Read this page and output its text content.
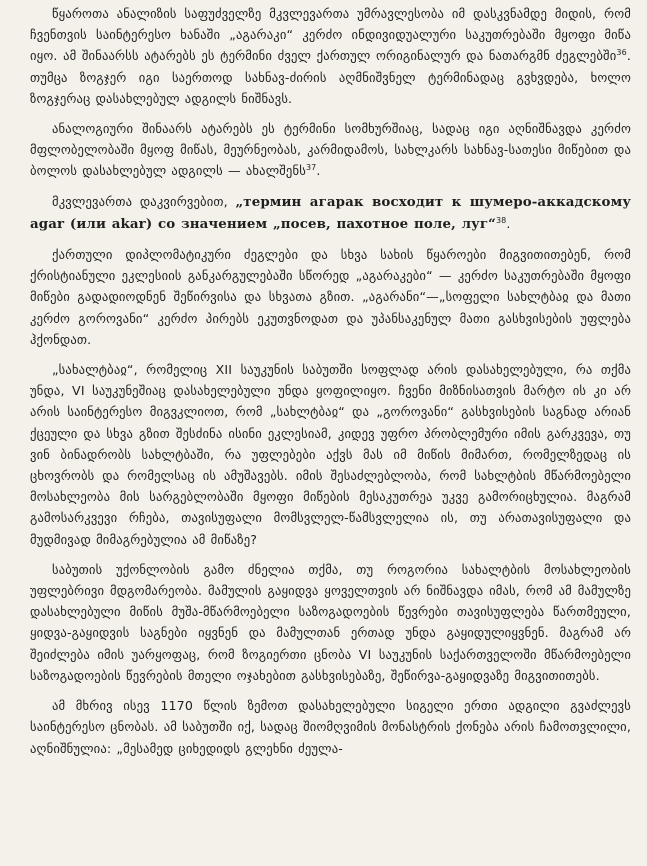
წყაროთა ანალიზის საფუძველზე მკვლევართა უმრავლესობა იმ დასკვნამდე მიდის, რომ ჩვენთვის საინტერესო ხანაში „აგარაკი“ კერძო ინდივიდუალური საკუთრებაში მყოფი მიწა იყო. ამ შინაარსს ატარებს ეს ტერმინი ძველ ქართულ ორიგინალურ და ნათარგმნ ძეგლებში$^{36}$. თუმცა ზოგჯერ იგი საერთოდ სახნავ-ძირის აღმნიშვნელ ტერმინადაც გვხვდება, ხოლო ზოგჯერაც დასახლებულ ადგილს ნიშნავს.

ანალოგიური შინაარს ატარებს ეს ტერმინი სომხურშიაც, სადაც იგი აღნიშნავდა კერძო მფლობელობაში მყოფ მიწას, მეურნეობას, კარმიდამოს, სახლკარს სახნავ-სათესი მიწებით და ბოლოს დასახლებულ ადგილს — ახალშენს$^{37}$.

მკვლევართა დაკვირვებით, „термин агарак восходит к шумеро-аккадскому agar (или akar) со значением „посев, пахотное поле, луг“$^{38}$.

ქართული დიპლომატიკური ძეგლები და სხვა სახის წყაროები მიგვითითებენ, რომ ქრისტიანული ეკლესიის განკარგულებაში სწორედ „აგარაკები“ — კერძო საკუთრებაში მყოფი მიწები გადადიოდნენ შეწირვისა და სხვათა გზით. „აგარანი“—„სოფელი სახლტბაჲ და მათი კერძო გოროვანი“ კერძო პირებს ეკუთვნოდათ და უპანსაკენულ მათი გასხვისების უფლება ჰქონდათ.

„სახალტბაჲ“, რომელიც XII საუკუნის საბუთში სოფლად არის დასახელებული, რა თქმა უნდა, VI საუკუნეშიაც დასახელებული უნდა ყოფილიყო. ჩვენი მიზნისათვის მარტო ის კი არ არის საინტერესო მიგვკლიოთ, რომ „სახლტბაჲ“ და „გოროვანი“ გასხვისების საგნად არიან ქცეული და სხვა გზით შესძინა ისინი ეკლესიამ, კიდევ უფრო პრობლემური იმის გარკვევა, თუ ვინ ბინადრობს სახლტბაში, რა უფლებები აქვს მას იმ მიწის მიმართ, რომელზედაც ის ცხოვრობს და რომელსაც ის ამუშავებს. იმის შესაძლებლობა, რომ სახლტბის მწარმოებელი მოსახლეობა მის სარგებლობაში მყოფი მიწების მესაკუთრეა უკვე გამორიცხულია. მაგრამ გამოსარკვევი რჩება, თავისუფალი მომსვლელ-წამსვლელია ის, თუ არათავისუფალი და მუდმივად მიმაგრებულია ამ მიწაზე?

საბუთის უქონლობის გამო ძნელია თქმა, თუ როგორია სახალტბის მოსახლეობის უფლებრივი მდგომარეობა. მამულის გაყიდვა ყოველთვის არ ნიშნავდა იმას, რომ ამ მამულზე დასახლებული მიწის მუშა-მწარმოებელი საზოგადოების წევრები თავისუფლება წართმეული, ყიდვა-გაყიდვის საგნები იყვნენ და მამულთან ერთად უნდა გაყიდულიყვნენ. მაგრამ არ შეიძლება იმის უარყოფაც, რომ ზოგიერთი ცნობა VI საუკუნის საქართველოში მწარმოებელი საზოგადოების წევრების მთელი ოჯახებით გასხვისებაზე, შეწირვა-გაყიდვაზე მიგვითითებს.

ამ მხრივ ისევ 1170 წლის ზემოთ დასახელებული სიგელი ერთი ადგილი გვაძლევს საინტერესო ცნობას. ამ საბუთში იქ, სადაც შიომღვიმის მონასტრის ქონება არის ჩამოთვლილი, აღნიშნულია: „მესამედ ციხედიდს გლეხნი ძეულა-
